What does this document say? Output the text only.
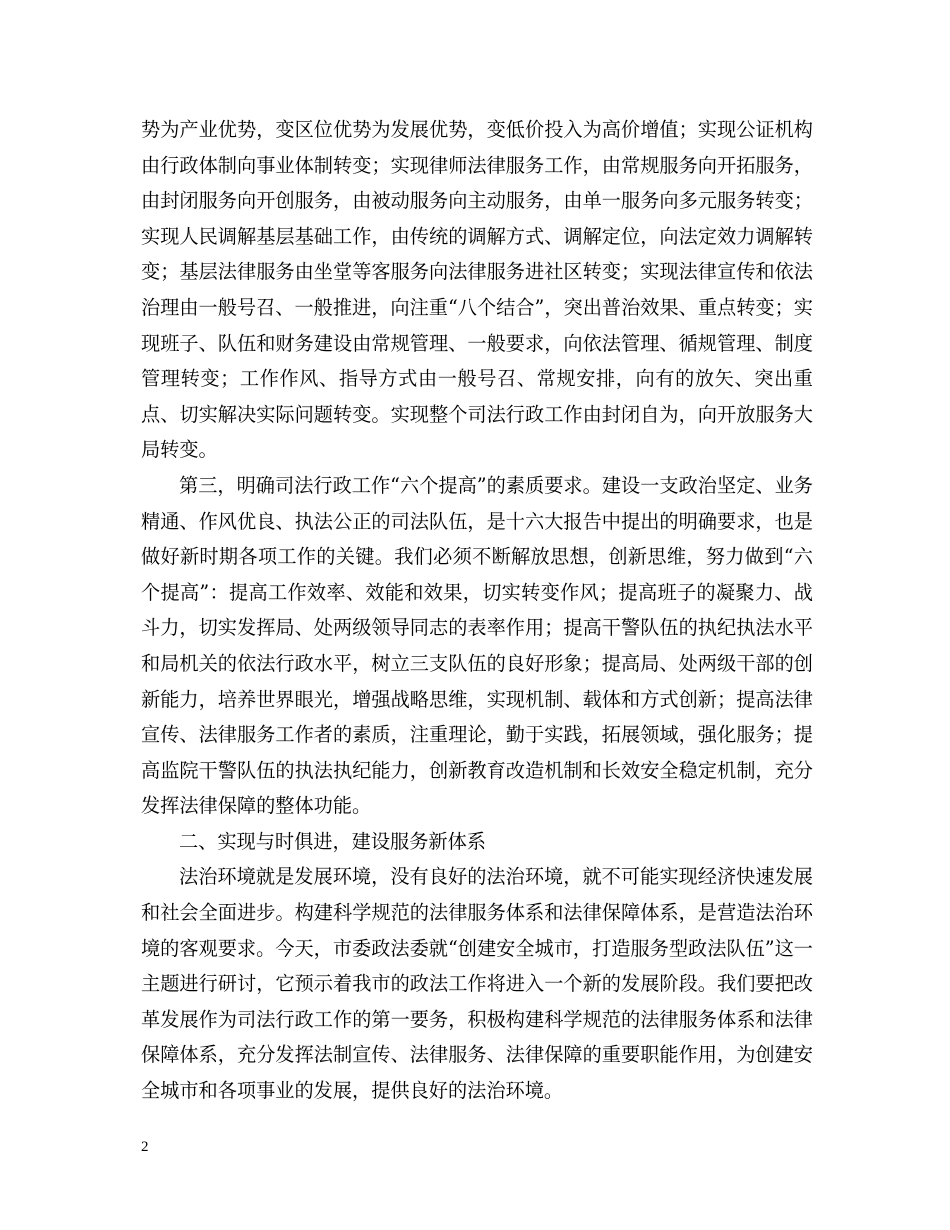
势为产业优势，变区位优势为发展优势，变低价投入为高价增值；实现公证机构由行政体制向事业体制转变；实现律师法律服务工作，由常规服务向开拓服务，由封闭服务向开创服务，由被动服务向主动服务，由单一服务向多元服务转变；实现人民调解基层基础工作，由传统的调解方式、调解定位，向法定效力调解转变；基层法律服务由坐堂等客服务向法律服务进社区转变；实现法律宣传和依法治理由一般号召、一般推进，向注重“八个结合”，突出普治效果、重点转变；实现班子、队伍和财务建设由常规管理、一般要求，向依法管理、循规管理、制度管理转变；工作作风、指导方式由一般号召、常规安排，向有的放矢、突出重点、切实解决实际问题转变。实现整个司法行政工作由封闭自为，向开放服务大局转变。

第三，明确司法行政工作“六个提高”的素质要求。建设一支政治坚定、业务精通、作风优良、执法公正的司法队伍，是十六大报告中提出的明确要求，也是做好新时期各项工作的关键。我们必须不断解放思想，创新思维，努力做到“六个提高”：提高工作效率、效能和效果，切实转变作风；提高班子的凝聚力、战斗力，切实发挥局、处两级领导同志的表率作用；提高干警队伍的执纪执法水平和局机关的依法行政水平，树立三支队伍的良好形象；提高局、处两级干部的创新能力，培养世界眼光，增强战略思维，实现机制、载体和方式创新；提高法律宣传、法律服务工作者的素质，注重理论，勤于实践，拓展领域，强化服务；提高监院干警队伍的执法执纪能力，创新教育改造机制和长效安全稳定机制，充分发挥法律保障的整体功能。

二、实现与时俱进，建设服务新体系

法治环境就是发展环境，没有良好的法治环境，就不可能实现经济快速发展和社会全面进步。构建科学规范的法律服务体系和法律保障体系，是营造法治环境的客观要求。今天，市委政法委就“创建安全城市，打造服务型政法队伍”这一主题进行研讨，它预示着我市的政法工作将进入一个新的发展阶段。我们要把改革发展作为司法行政工作的第一要务，积极构建科学规范的法律服务体系和法律保障体系，充分发挥法制宣传、法律服务、法律保障的重要职能作用，为创建安全城市和各项事业的发展，提供良好的法治环境。

2
